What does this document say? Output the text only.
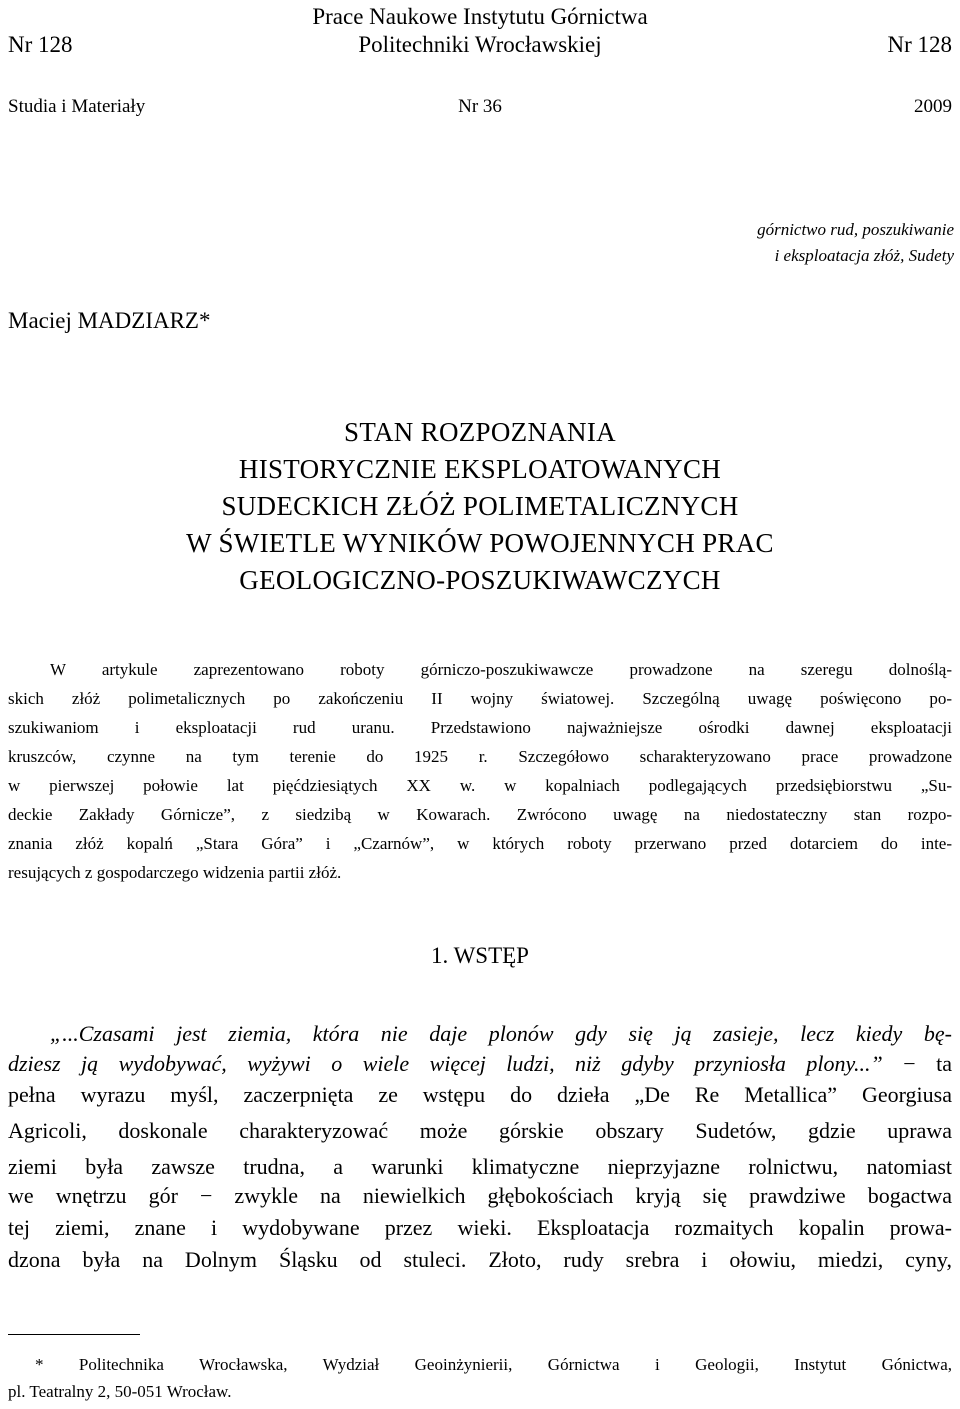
Nr 128
Prace Naukowe Instytutu Górnictwa
Politechniki Wrocławskiej	Nr 128
Studia i Materiały	Nr 36	2009
górnictwo rud, poszukiwanie
i eksploatacja złóż, Sudety
Maciej MADZIARZ*
STAN ROZPOZNANIA
HISTORYCZNIE EKSPLOATOWANYCH
SUDECKICH ZŁÓŻ POLIMETALICZNYCH
W ŚWIETLE WYNIKÓW POWOJENNYCH PRAC
GEOLOGICZNO-POSZUKIWAWCZYCH
W artykule zaprezentowano roboty górniczo-poszukiwawcze prowadzone na szeregu dolnoślą-
skich złóż polimetalicznych po zakończeniu II wojny światowej. Szczególną uwagę poświęcono po-
szukiwaniom i eksploatacji rud uranu. Przedstawiono najważniejsze ośrodki dawnej eksploatacji
kruszców, czynne na tym terenie do 1925 r. Szczegółowo scharakteryzowano prace prowadzone
w pierwszej połowie lat pięćdziesiątych XX w. w kopalniach podlegających przedsiębiorstwu „Su-
deckie Zakłady Górnicze”, z siedzibą w Kowarach. Zwrócono uwagę na niedostateczny stan rozpo-
znania złóż kopalń „Stara Góra” i „Czarnów”, w których roboty przerwano przed dotarciem do inte-
resujących z gospodarczego widzenia partii złóż.
1. WSTĘP
„...Czasami jest ziemia, która nie daje plonów gdy się ją zasieje, lecz kiedy bę-
dziesz ją wydobywać, wyżywi o wiele więcej ludzi, niż gdyby przyniosła plony...” − ta
pełna wyrazu myśl, zaczerpnięta ze wstępu do dzieła „De Re Metallica” Georgiusa
Agricoli, doskonale charakteryzować może górskie obszary Sudetów, gdzie uprawa
ziemi była zawsze trudna, a warunki klimatyczne nieprzyjazne rolnictwu, natomiast
we wnętrzu gór − zwykle na niewielkich głębokościach kryją się prawdziwe bogactwa
tej ziemi, znane i wydobywane przez wieki. Eksploatacja rozmaitych kopalin prowa-
dzona była na Dolnym Śląsku od stuleci. Złoto, rudy srebra i ołowiu, miedzi, cyny,
* Politechnika Wrocławska, Wydział Geoinżynierii, Górnictwa i Geologii, Instytut Gónictwa,
pl. Teatralny 2, 50-051 Wrocław.
